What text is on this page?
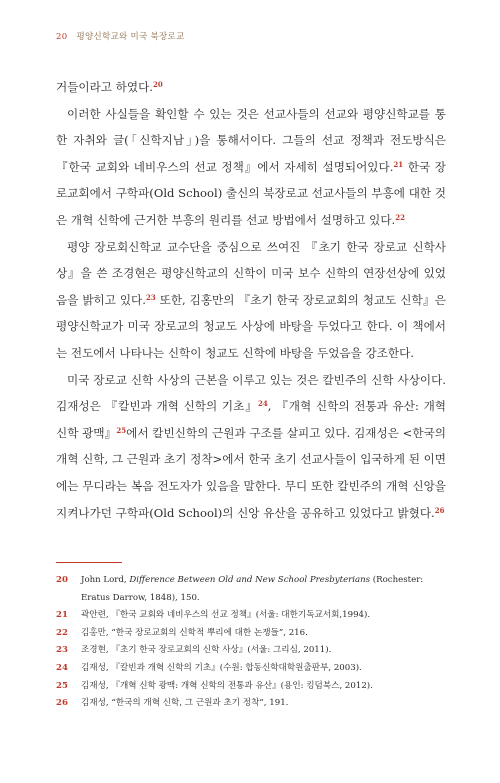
20 평양신학교와 미국 북장로교

거들이라고 하였다.$^{20}$

이러한 사실들을 확인할 수 있는 것은 선교사들의 선교와 평양신학교를 통한 자취와 글(「신학지남」)을 통해서이다. 그들의 선교 정책과 전도방식은 『한국 교회와 네비우스의 선교 정책』에서 자세히 설명되어있다.$^{21}$ 한국 장로교회에서 구학파(Old School) 출신의 북장로교 선교사들의 부흥에 대한 것은 개혁 신학에 근거한 부흥의 원리를 선교 방법에서 설명하고 있다.$^{22}$

평양 장로회신학교 교수단을 중심으로 쓰여진 『초기 한국 장로교 신학사상』을 쓴 조경현은 평양신학교의 신학이 미국 보수 신학의 연장선상에 있었음을 밝히고 있다.$^{23}$ 또한, 김홍만의 『초기 한국 장로교회의 청교도 신학』은 평양신학교가 미국 장로교의 청교도 사상에 바탕을 두었다고 한다. 이 책에서는 전도에서 나타나는 신학이 청교도 신학에 바탕을 두었음을 강조한다.

미국 장로교 신학 사상의 근본을 이루고 있는 것은 칼빈주의 신학 사상이다. 김재성은 『칼빈과 개혁 신학의 기초』$^{24}$, 『개혁 신학의 전통과 유산: 개혁 신학 광맥』$^{25}$에서 칼빈신학의 근원과 구조를 살피고 있다. 김재성은 <한국의 개혁 신학, 그 근원과 초기 정착>에서 한국 초기 선교사들이 입국하게 된 이면에는 무디라는 복음 전도자가 있음을 말한다. 무디 또한 칼빈주의 개혁 신앙을 지켜나가던 구학파(Old School)의 신앙 유산을 공유하고 있었다고 밝혔다.$^{26}$

20	John Lord, Difference Between Old and New School Presbyterians (Rochester: Eratus Darrow, 1848), 150.
21	곽안련, 『한국 교회와 네비우스의 선교 정책』(서울: 대한기독교서회,1994).
22	김홍만, “한국 장로교회의 신학적 뿌리에 대한 논쟁들”, 216.
23	조경현, 『초기 한국 장로교회의 신학 사상』(서울: 그리심, 2011).
24	김재성, 『칼빈과 개혁 신학의 기초』(수원: 합동신학대학원출판부, 2003).
25	김재성, 『개혁 신학 광맥: 개혁 신학의 전통과 유산』(용인: 킹덤북스, 2012).
26	김재성, “한국의 개혁 신학, 그 근원과 초기 정착”, 191.
